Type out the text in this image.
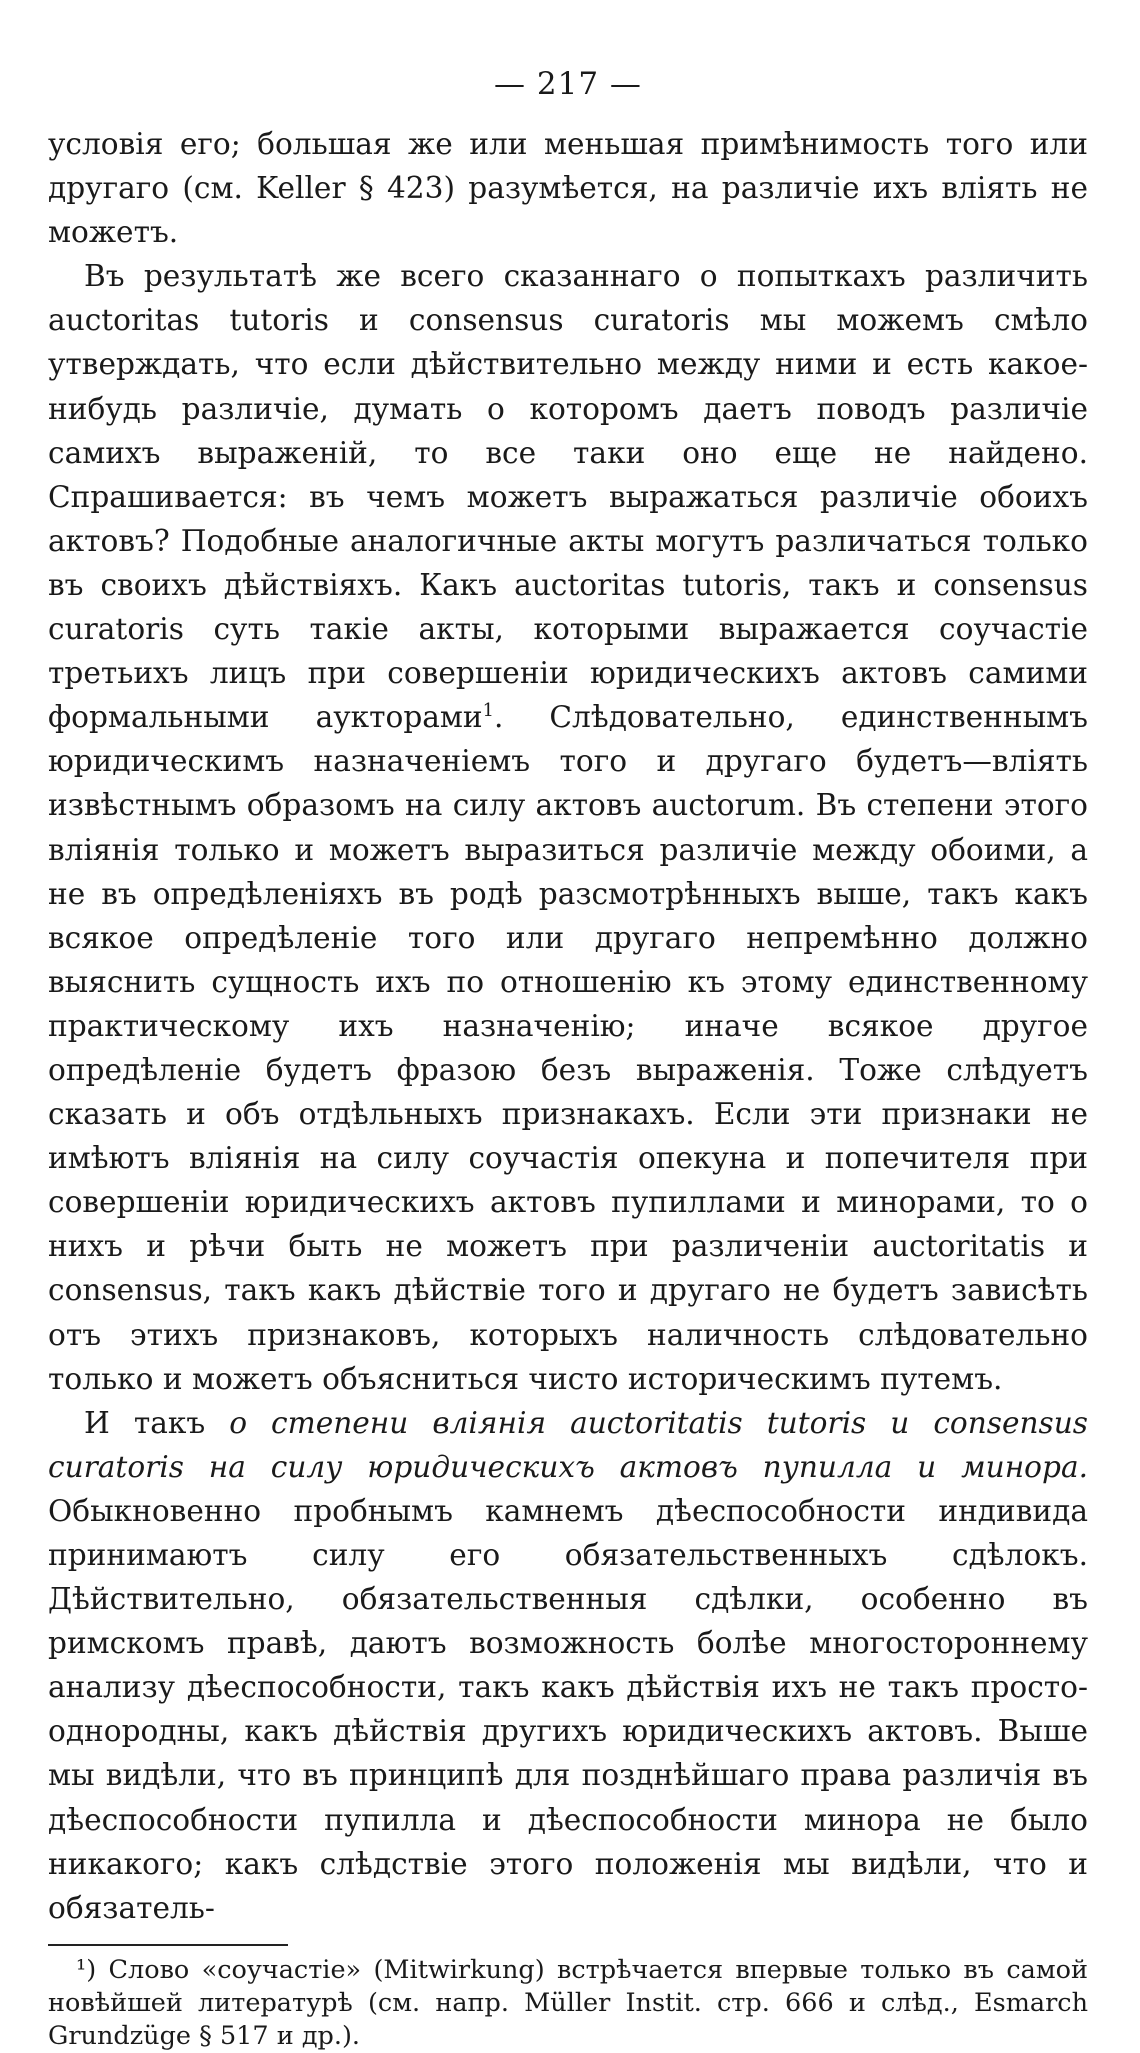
— 217 —

условія его; большая же или меньшая примѣнимость того или другаго (см. Keller § 423) разумѣется, на различіе ихъ вліять не можетъ.

Въ результатѣ же всего сказаннаго о попыткахъ различить auctoritas tutoris и consensus curatoris мы можемъ смѣло утверждать, что если дѣйствительно между ними и есть какое-нибудь различіе, думать о которомъ даетъ поводъ различіе самихъ выраженій, то все таки оно еще не найдено. Спрашивается: въ чемъ можетъ выражаться различіе обоихъ актовъ? Подобные аналогичные акты могутъ различаться только въ своихъ дѣйствіяхъ. Какъ auctoritas tutoris, такъ и consensus curatoris суть такіе акты, которыми выражается соучастіе третьихъ лицъ при совершеніи юридическихъ актовъ самими формальными aукторами$^1$. Слѣдовательно, единственнымъ юридическимъ назначеніемъ того и другаго будетъ—вліять извѣстнымъ образомъ на силу актовъ auctorum. Въ степени этого вліянія только и можетъ выразиться различіе между обоими, а не въ опредѣленіяхъ въ родѣ разсмотрѣнныхъ выше, такъ какъ всякое опредѣленіе того или другаго непремѣнно должно выяснить сущность ихъ по отношенію къ этому единственному практическому ихъ назначенію; иначе всякое другое опредѣленіе будетъ фразою безъ выраженія. Тоже слѣдуетъ сказать и объ отдѣльныхъ признакахъ. Если эти признаки не имѣютъ вліянія на силу соучастія опекуна и попечителя при совершеніи юридическихъ актовъ пупиллами и минорами, то о нихъ и рѣчи быть не можетъ при различеніи auctoritatis и consensus, такъ какъ дѣйствіе того и другаго не будетъ зависѣть отъ этихъ признаковъ, которыхъ наличность слѣдовательно только и можетъ объясниться чисто историческимъ путемъ.

И такъ о степени вліянія auctoritatis tutoris и consensus curatoris на силу юридическихъ актовъ пупилла и минора. Обыкновенно пробнымъ камнемъ дѣеспособности индивида принимаютъ силу его обязательственныхъ сдѣлокъ. Дѣйствительно, обязательственныя сдѣлки, особенно въ римскомъ правѣ, даютъ возможность болѣе многостороннему анализу дѣеспособности, такъ какъ дѣйствія ихъ не такъ просто-однородны, какъ дѣйствія другихъ юридическихъ актовъ. Выше мы видѣли, что въ принципѣ для позднѣйшаго права различія въ дѣеспособности пупилла и дѣеспособности минора не было никакого; какъ слѣдствіе этого положенія мы видѣли, что и обязатель-

¹) Слово «соучастіе» (Mitwirkung) встрѣчается впервые только въ самой новѣйшей литературѣ (см. напр. Müller Instit. стр. 666 и слѣд., Esmarch Grundzüge § 517 и др.).
